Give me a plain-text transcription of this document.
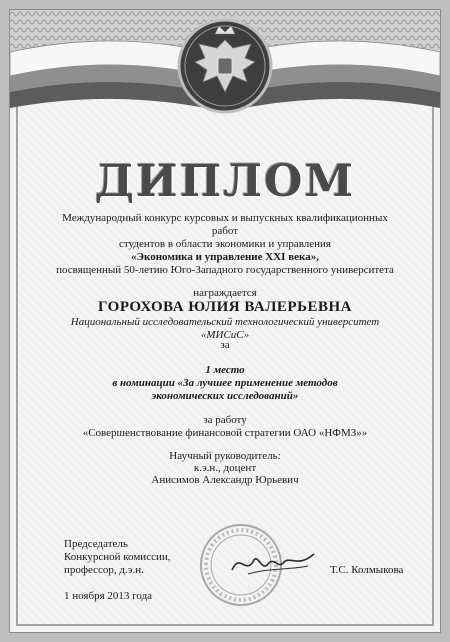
ДИПЛОМ
Международный конкурс курсовых и выпускных квалификационных работ
студентов в области экономики и управления
«Экономика и управление XXI века»,
посвященный 50-летию Юго-Западного государственного университета
награждается
ГОРОХОВА ЮЛИЯ ВАЛЕРЬЕВНА
Национальный исследовательский технологический университет
«МИСиС»
за
1 место
в номинации «За лучшее применение методов
экономических исследований»
за работу
«Совершенствование финансовой стратегии ОАО «НФМЗ»»
Научный руководитель:
к.э.н., доцент
Анисимов Александр Юрьевич
Председатель
Конкурсной комиссии,
профессор, д.э.н.
1 ноября 2013 года
Т.С. Колмыкова
